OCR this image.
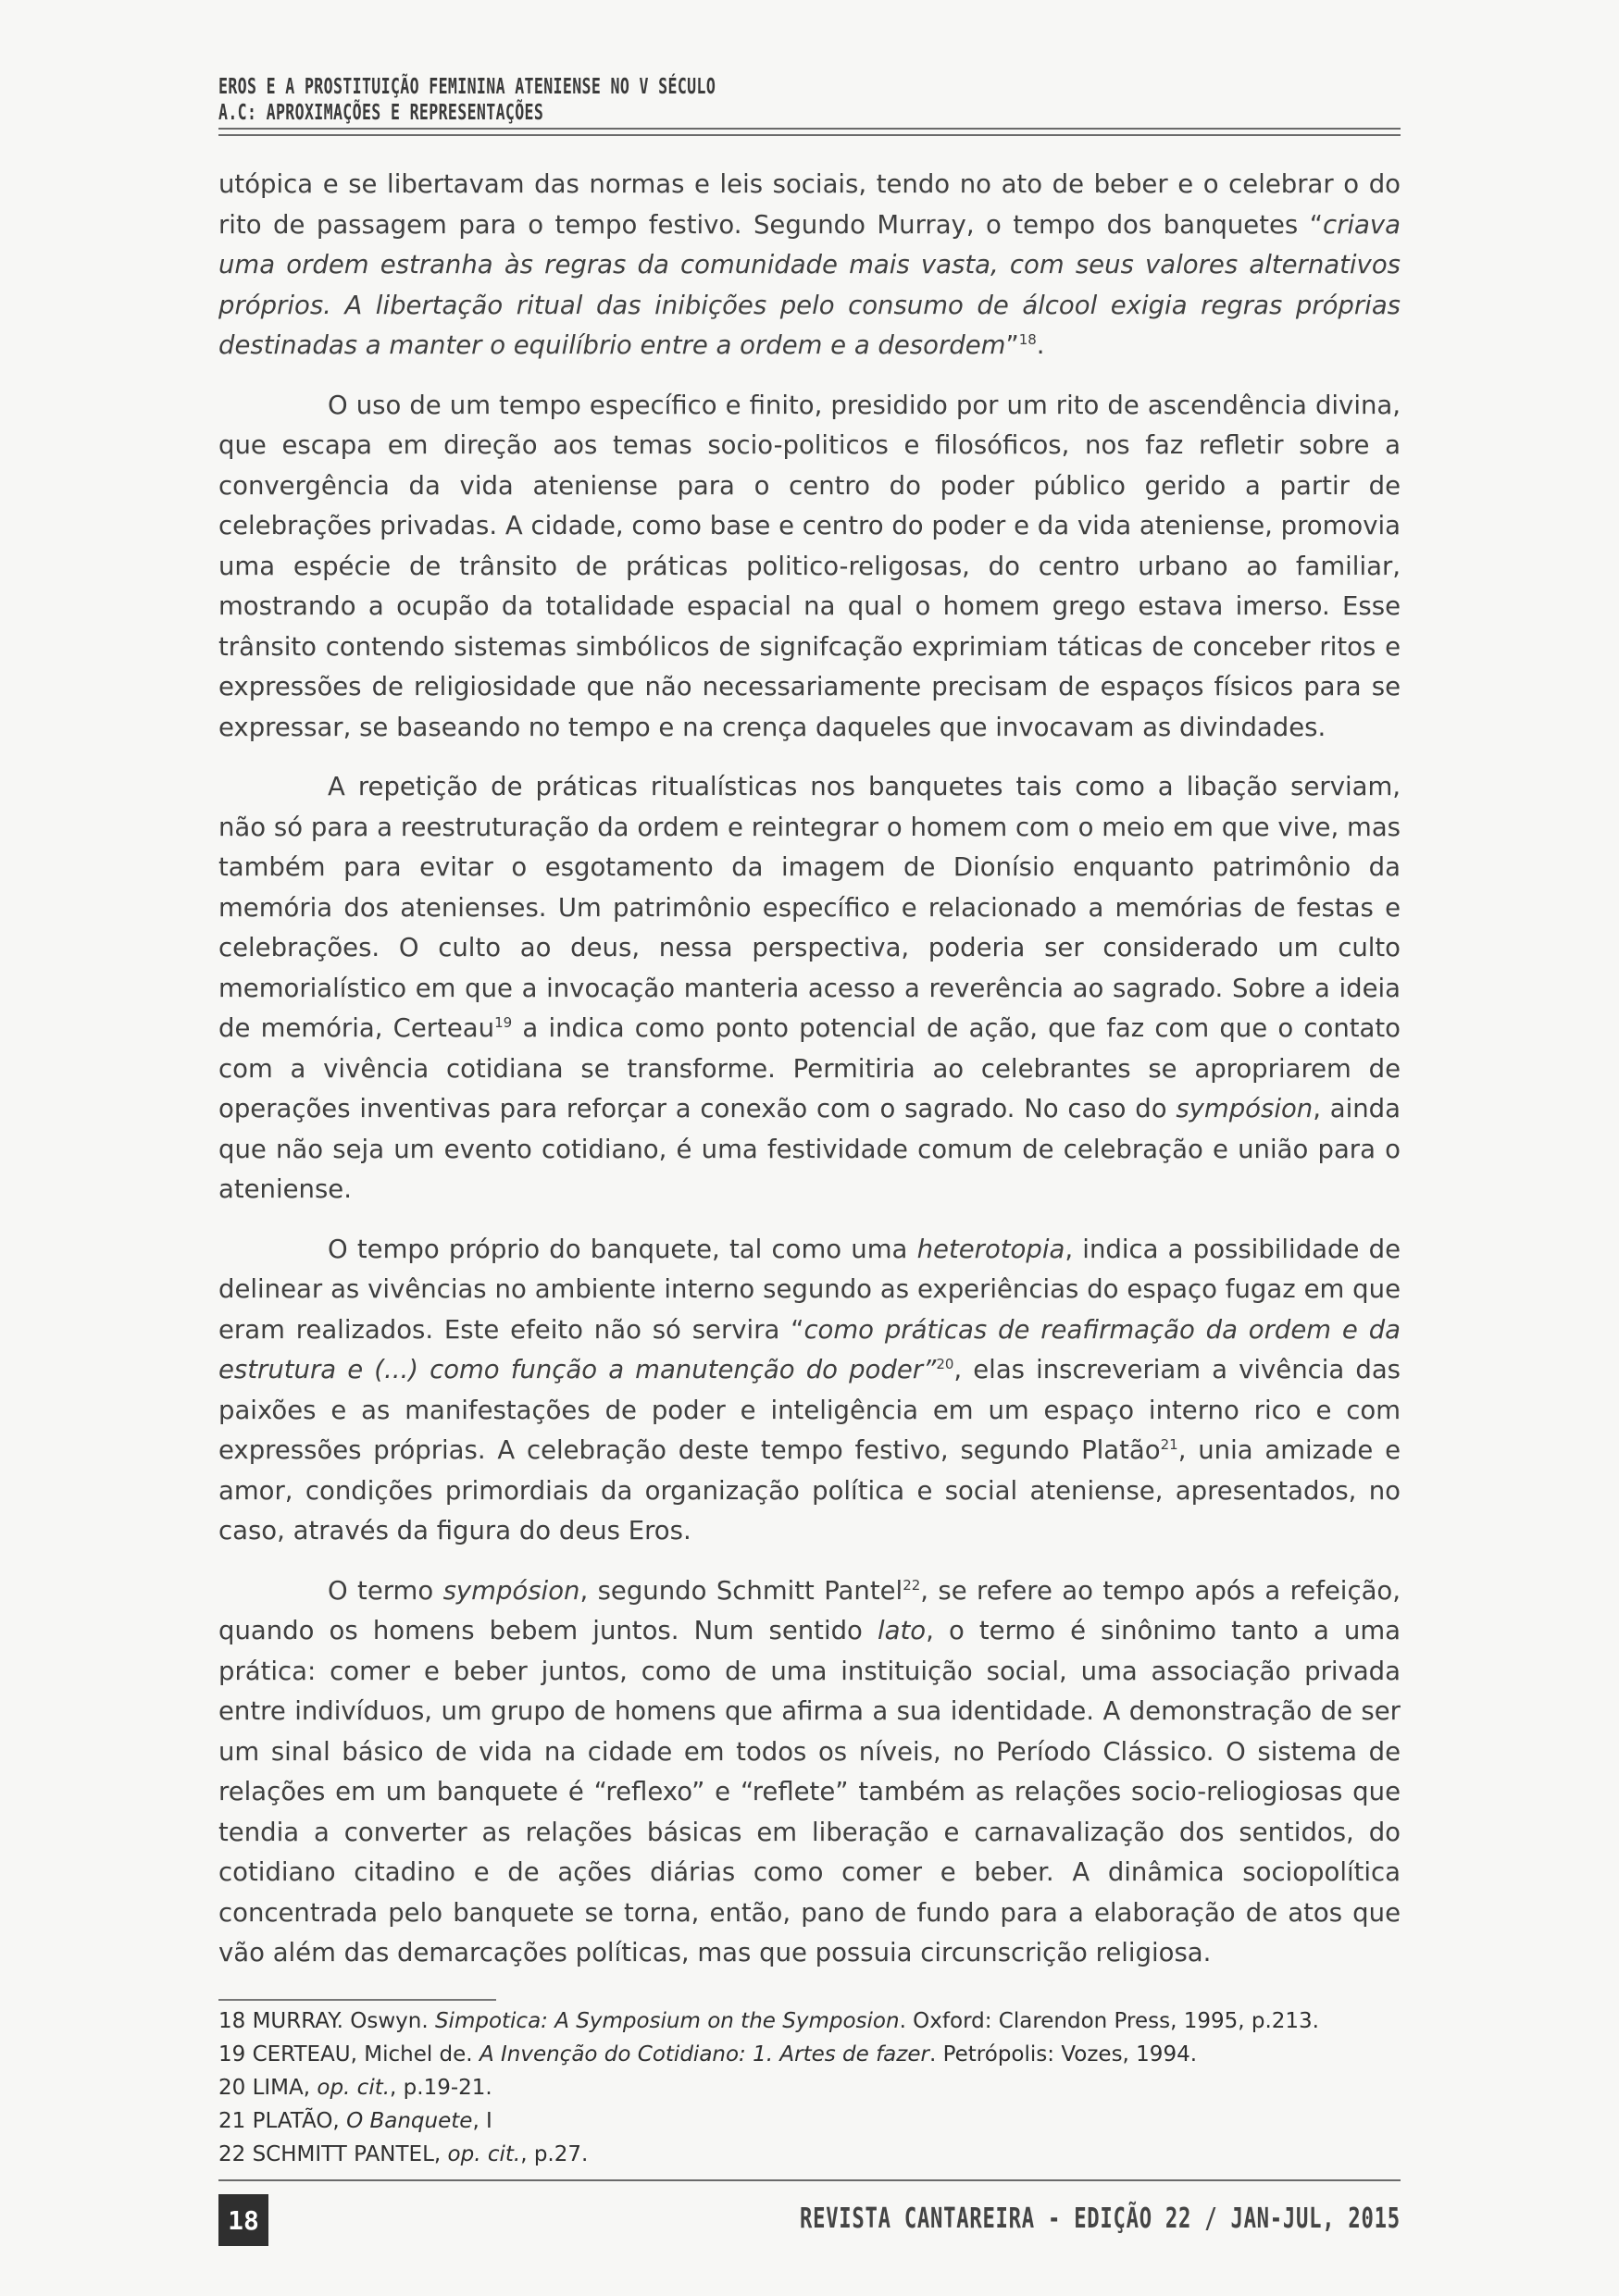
EROS E A PROSTITUIÇÃO FEMININA ATENIENSE NO V SÉCULO A.C: APROXIMAÇÕES E REPRESENTAÇÕES

utópica e se libertavam das normas e leis sociais, tendo no ato de beber e o celebrar o do rito de passagem para o tempo festivo. Segundo Murray, o tempo dos banquetes “criava uma ordem estranha às regras da comunidade mais vasta, com seus valores alternativos próprios. A libertação ritual das inibições pelo consumo de álcool exigia regras próprias destinadas a manter o equilíbrio entre a ordem e a desordem”$^{18}$.

O uso de um tempo específico e finito, presidido por um rito de ascendência divina, que escapa em direção aos temas socio-politicos e filosóficos, nos faz refletir sobre a convergência da vida ateniense para o centro do poder público gerido a partir de celebrações privadas. A cidade, como base e centro do poder e da vida ateniense, promovia uma espécie de trânsito de práticas politico-religosas, do centro urbano ao familiar, mostrando a ocupão da totalidade espacial na qual o homem grego estava imerso. Esse trânsito contendo sistemas simbólicos de signifcação exprimiam táticas de conceber ritos e expressões de religiosidade que não necessariamente precisam de espaços físicos para se expressar, se baseando no tempo e na crença daqueles que invocavam as divindades.

A repetição de práticas ritualísticas nos banquetes tais como a libação serviam, não só para a reestruturação da ordem e reintegrar o homem com o meio em que vive, mas também para evitar o esgotamento da imagem de Dionísio enquanto patrimônio da memória dos atenienses. Um patrimônio específico e relacionado a memórias de festas e celebrações. O culto ao deus, nessa perspectiva, poderia ser considerado um culto memorialístico em que a invocação manteria acesso a reverência ao sagrado. Sobre a ideia de memória, Certeau$^{19}$ a indica como ponto potencial de ação, que faz com que o contato com a vivência cotidiana se transforme. Permitiria ao celebrantes se apropriarem de operações inventivas para reforçar a conexão com o sagrado. No caso do sympósion, ainda que não seja um evento cotidiano, é uma festividade comum de celebração e união para o ateniense.

O tempo próprio do banquete, tal como uma heterotopia, indica a possibilidade de delinear as vivências no ambiente interno segundo as experiências do espaço fugaz em que eram realizados. Este efeito não só servira “como práticas de reafirmação da ordem e da estrutura e (...) como função a manutenção do poder”$^{20}$, elas inscreveriam a vivência das paixões e as manifestações de poder e inteligência em um espaço interno rico e com expressões próprias. A celebração deste tempo festivo, segundo Platão$^{21}$, unia amizade e amor, condições primordiais da organização política e social ateniense, apresentados, no caso, através da figura do deus Eros.

O termo sympósion, segundo Schmitt Pantel$^{22}$, se refere ao tempo após a refeição, quando os homens bebem juntos. Num sentido lato, o termo é sinônimo tanto a uma prática: comer e beber juntos, como de uma instituição social, uma associação privada entre indivíduos, um grupo de homens que afirma a sua identidade. A demonstração de ser um sinal básico de vida na cidade em todos os níveis, no Período Clássico. O sistema de relações em um banquete é “reflexo” e “reflete” também as relações socio-reliogiosas que tendia a converter as relações básicas em liberação e carnavalização dos sentidos, do cotidiano citadino e de ações diárias como comer e beber. A dinâmica sociopolítica concentrada pelo banquete se torna, então, pano de fundo para a elaboração de atos que vão além das demarcações políticas, mas que possuia circunscrição religiosa.

18 MURRAY. Oswyn. Simpotica: A Symposium on the Symposion. Oxford: Clarendon Press, 1995, p.213.
19 CERTEAU, Michel de. A Invenção do Cotidiano: 1. Artes de fazer. Petrópolis: Vozes, 1994.
20 LIMA, op. cit., p.19-21.
21 PLATÃO, O Banquete, I
22 SCHMITT PANTEL, op. cit., p.27.
18	REVISTA CANTAREIRA - EDIÇÃO 22 / JAN-JUL, 2015
